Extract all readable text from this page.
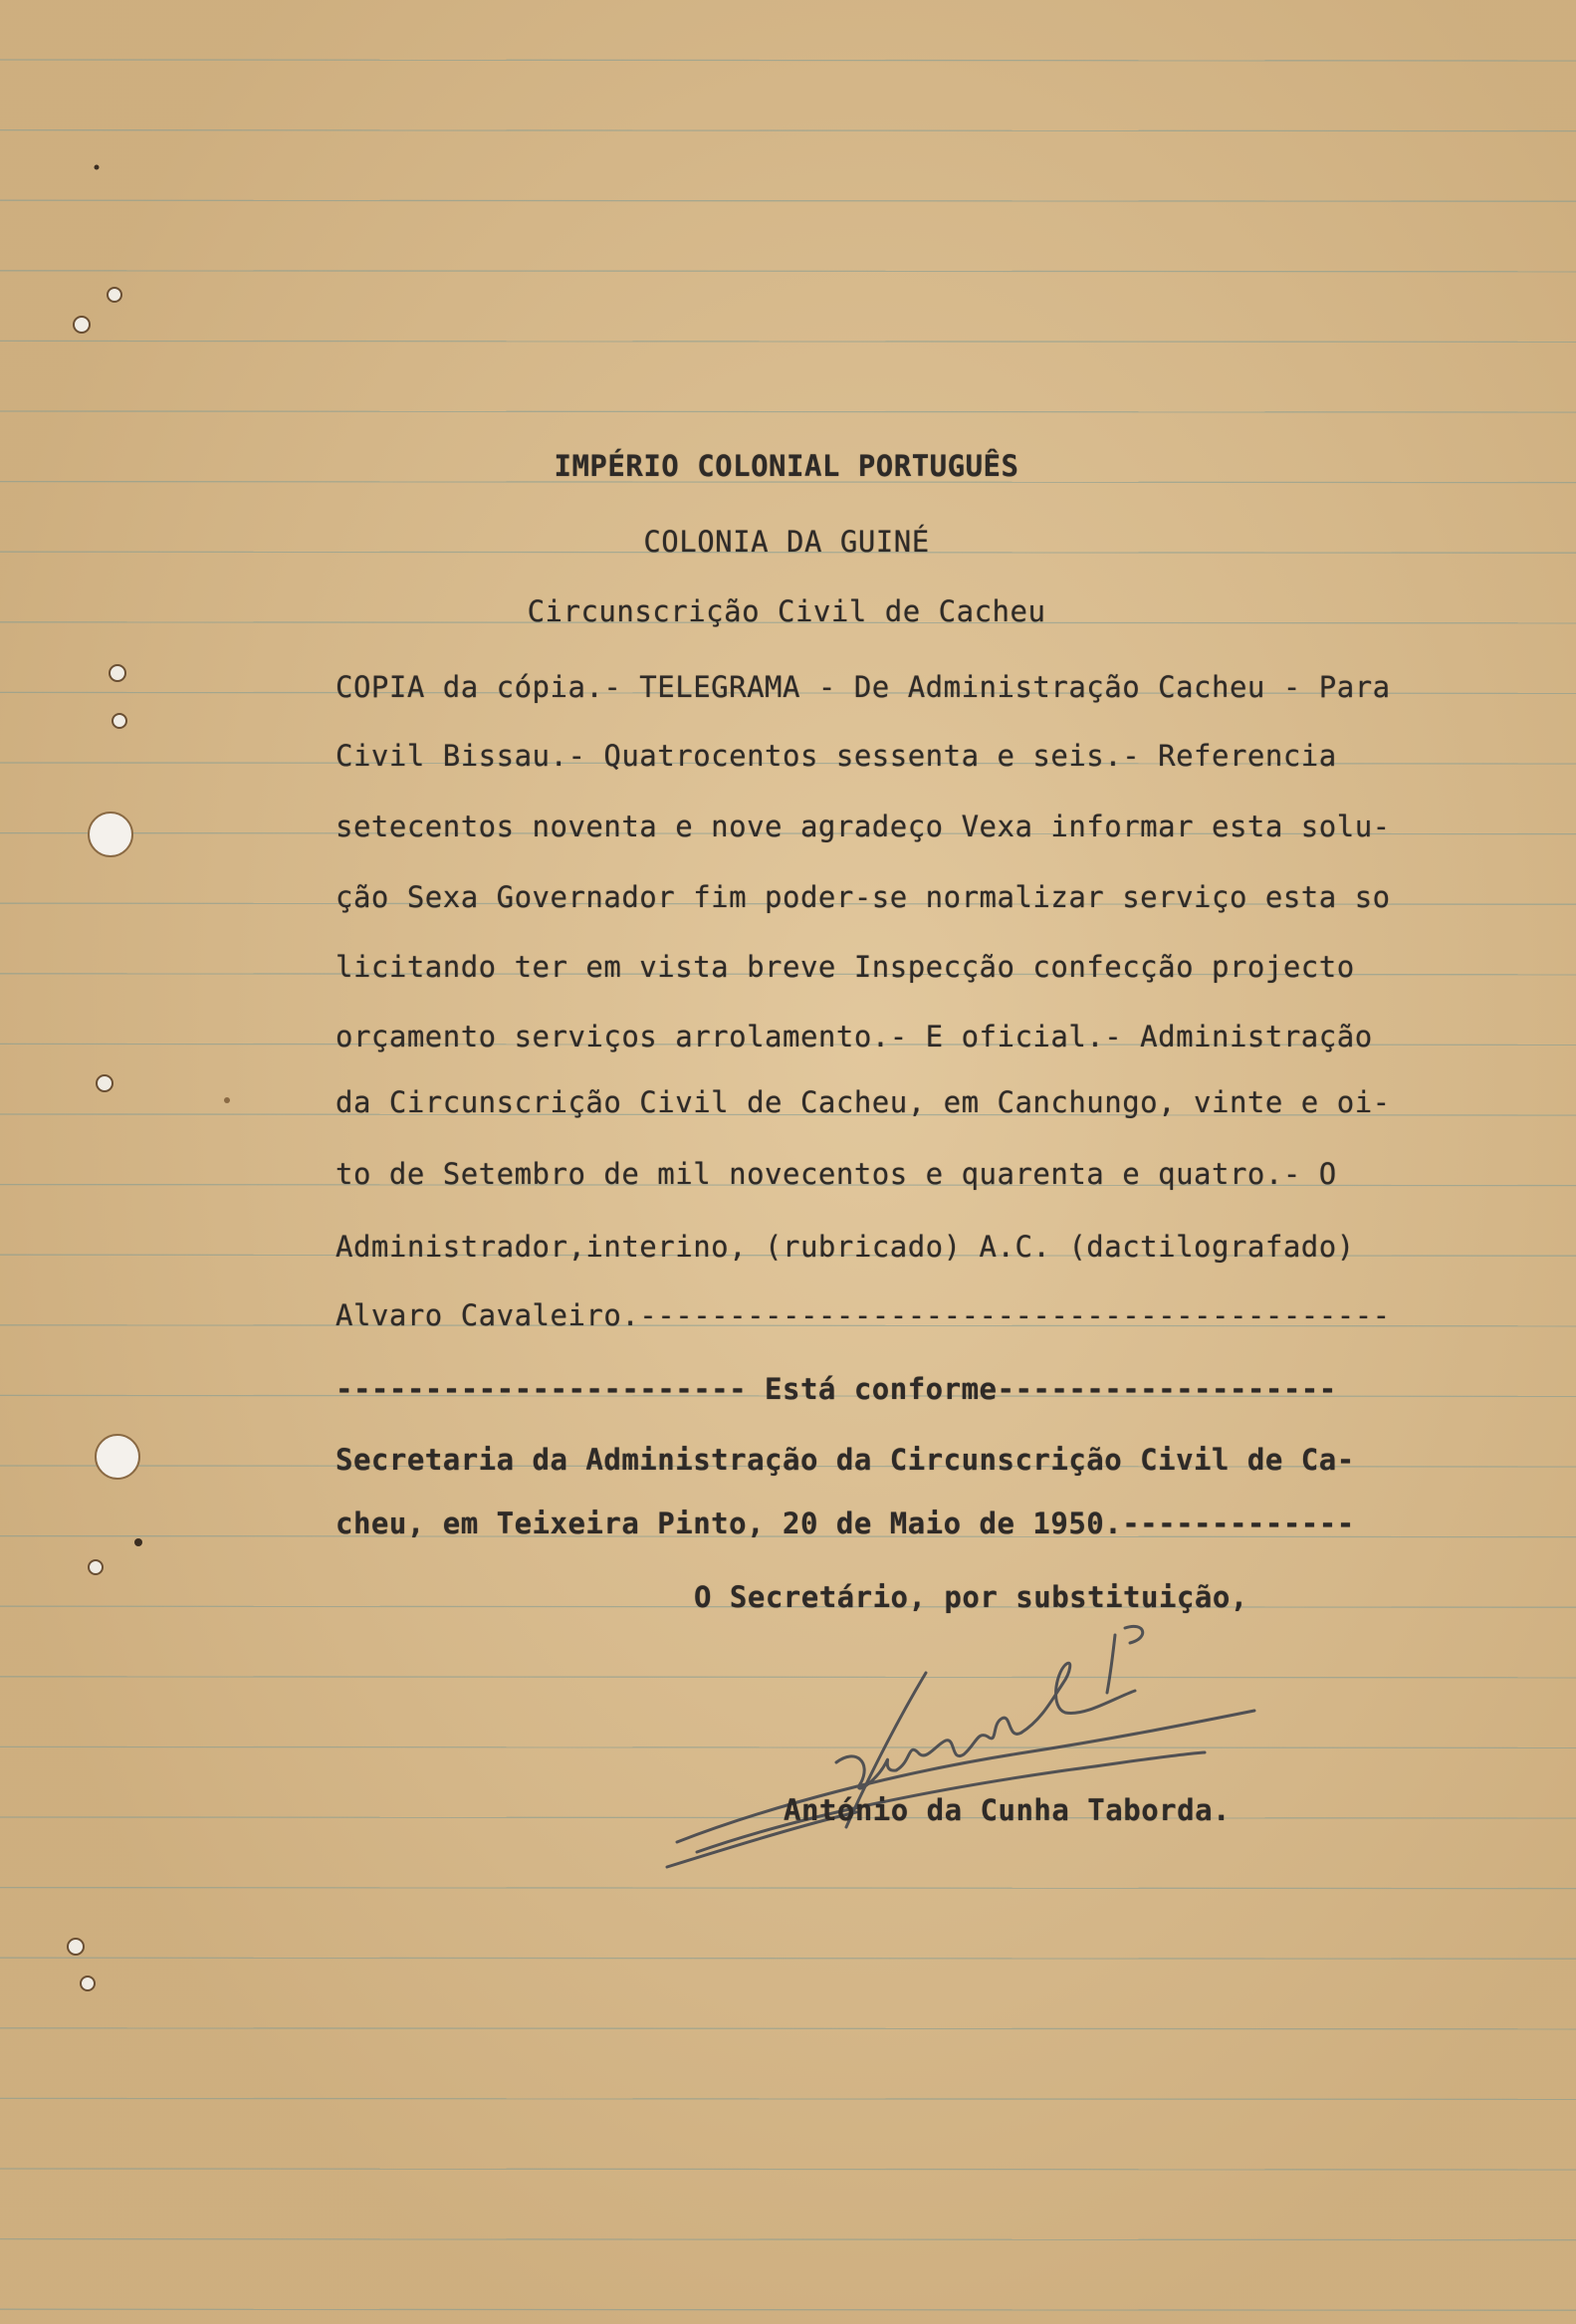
IMPÉRIO COLONIAL PORTUGUÊS
COLONIA DA GUINÉ
Circunscrição Civil de Cacheu
COPIA da cópia.- TELEGRAMA - De Administração Cacheu - Para
Civil Bissau.- Quatrocentos sessenta e seis.- Referencia
setecentos noventa e nove agradeço Vexa informar esta solu-
ção Sexa Governador fim poder-se normalizar serviço esta so
licitando ter em vista breve Inspecção confecção projecto
orçamento serviços arrolamento.- E oficial.- Administração
da Circunscrição Civil de Cacheu, em Canchungo, vinte e oi-
to de Setembro de mil novecentos e quarenta e quatro.- O
Administrador,interino, (rubricado) A.C. (dactilografado)
Alvaro Cavaleiro.------------------------------------------
----------------------- Está conforme-------------------
Secretaria da Administração da Circunscrição Civil de Ca-
cheu, em Teixeira Pinto, 20 de Maio de 1950.-------------
O Secretário, por substituição,
António da Cunha Taborda.
